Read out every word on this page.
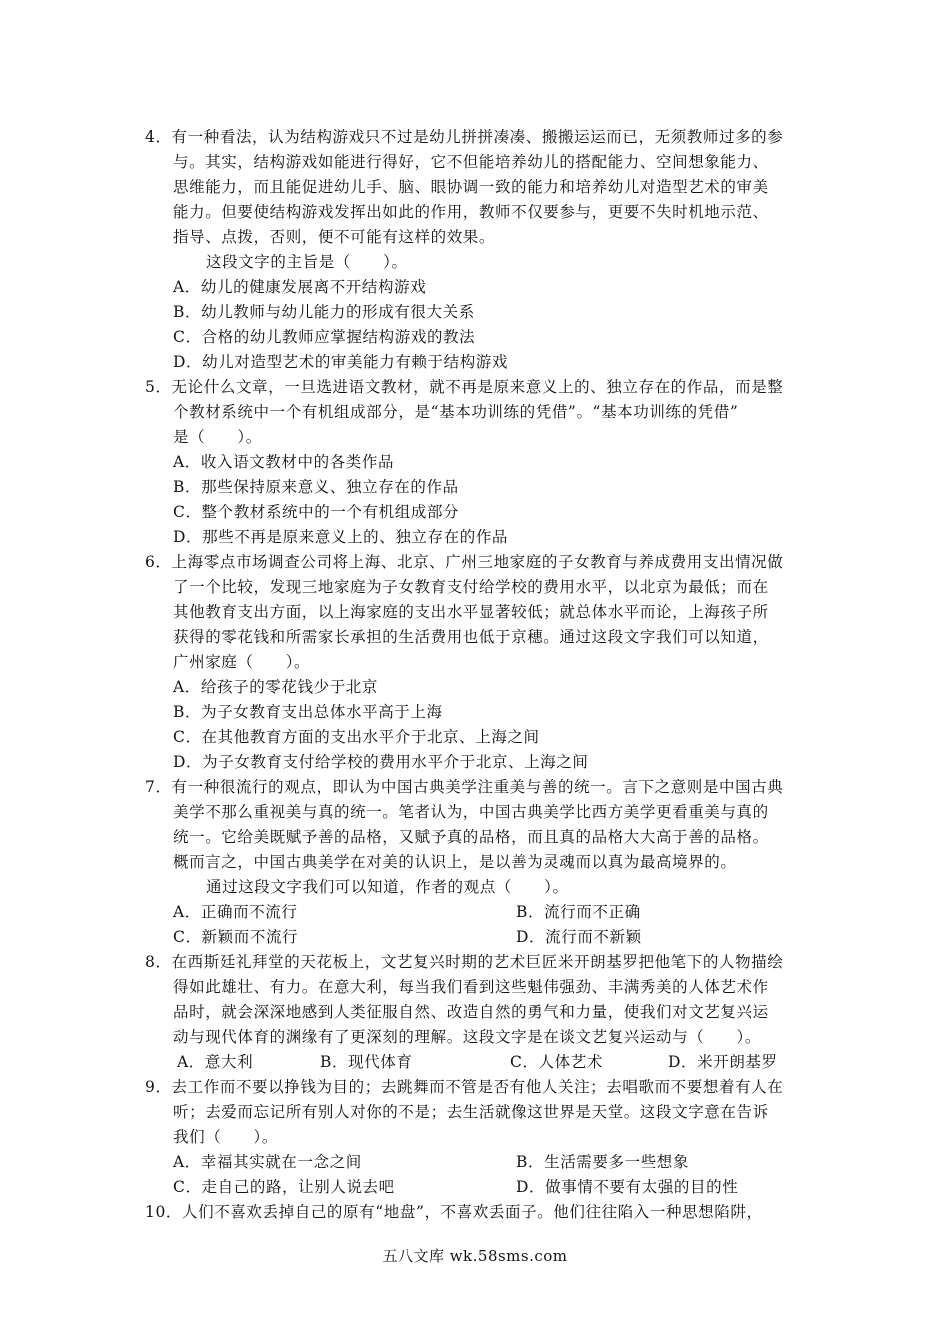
4．有一种看法，认为结构游戏只不过是幼儿拼拼凑凑、搬搬运运而已，无须教师过多的参
与。其实，结构游戏如能进行得好，它不但能培养幼儿的搭配能力、空间想象能力、
思维能力，而且能促进幼儿手、脑、眼协调一致的能力和培养幼儿对造型艺术的审美
能力。但要使结构游戏发挥出如此的作用，教师不仅要参与，更要不失时机地示范、
指导、点拨，否则，便不可能有这样的效果。
这段文字的主旨是（　　）。
A．幼儿的健康发展离不开结构游戏
B．幼儿教师与幼儿能力的形成有很大关系
C．合格的幼儿教师应掌握结构游戏的教法
D．幼儿对造型艺术的审美能力有赖于结构游戏
5．无论什么文章，一旦选进语文教材，就不再是原来意义上的、独立存在的作品，而是整
个教材系统中一个有机组成部分，是“基本功训练的凭借”。“基本功训练的凭借”
是（　　）。
A．收入语文教材中的各类作品
B．那些保持原来意义、独立存在的作品
C．整个教材系统中的一个有机组成部分
D．那些不再是原来意义上的、独立存在的作品
6．上海零点市场调查公司将上海、北京、广州三地家庭的子女教育与养成费用支出情况做
了一个比较，发现三地家庭为子女教育支付给学校的费用水平，以北京为最低；而在
其他教育支出方面，以上海家庭的支出水平显著较低；就总体水平而论，上海孩子所
获得的零花钱和所需家长承担的生活费用也低于京穗。通过这段文字我们可以知道，
广州家庭（　　）。
A．给孩子的零花钱少于北京
B．为子女教育支出总体水平高于上海
C．在其他教育方面的支出水平介于北京、上海之间
D．为子女教育支付给学校的费用水平介于北京、上海之间
7．有一种很流行的观点，即认为中国古典美学注重美与善的统一。言下之意则是中国古典
美学不那么重视美与真的统一。笔者认为，中国古典美学比西方美学更看重美与真的
统一。它给美既赋予善的品格，又赋予真的品格，而且真的品格大大高于善的品格。
概而言之，中国古典美学在对美的认识上，是以善为灵魂而以真为最高境界的。
通过这段文字我们可以知道，作者的观点（　　）。
A．正确而不流行	B．流行而不正确
C．新颖而不流行	D．流行而不新颖
8．在西斯廷礼拜堂的天花板上，文艺复兴时期的艺术巨匠米开朗基罗把他笔下的人物描绘
得如此雄壮、有力。在意大利，每当我们看到这些魁伟强劲、丰满秀美的人体艺术作
品时，就会深深地感到人类征服自然、改造自然的勇气和力量，使我们对文艺复兴运
动与现代体育的渊缘有了更深刻的理解。这段文字是在谈文艺复兴运动与（　　）。
A．意大利	B．现代体育	C．人体艺术	D．米开朗基罗
9．去工作而不要以挣钱为目的；去跳舞而不管是否有他人关注；去唱歌而不要想着有人在
听；去爱而忘记所有别人对你的不是；去生活就像这世界是天堂。这段文字意在告诉
我们（　　）。
A．幸福其实就在一念之间	B．生活需要多一些想象
C．走自己的路，让别人说去吧	D．做事情不要有太强的目的性
10．人们不喜欢丢掉自己的原有“地盘”，不喜欢丢面子。他们往往陷入一种思想陷阱，
五八文库 wk.58sms.com
